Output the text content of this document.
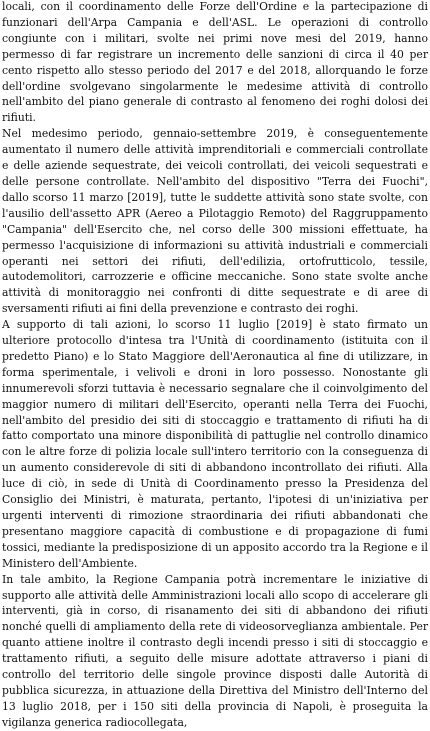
locali, con il coordinamento delle Forze dell'Ordine e la partecipazione di funzionari dell'Arpa Campania e dell'ASL. Le operazioni di controllo congiunte con i militari, svolte nei primi nove mesi del 2019, hanno permesso di far registrare un incremento delle sanzioni di circa il 40 per cento rispetto allo stesso periodo del 2017 e del 2018, allorquando le forze dell'ordine svolgevano singolarmente le medesime attività di controllo nell'ambito del piano generale di contrasto al fenomeno dei roghi dolosi dei rifiuti.

Nel medesimo periodo, gennaio-settembre 2019, è conseguentemente aumentato il numero delle attività imprenditoriali e commerciali controllate e delle aziende sequestrate, dei veicoli controllati, dei veicoli sequestrati e delle persone controllate. Nell'ambito del dispositivo "Terra dei Fuochi", dallo scorso 11 marzo [2019], tutte le suddette attività sono state svolte, con l'ausilio dell'assetto APR (Aereo a Pilotaggio Remoto) del Raggruppamento "Campania" dell'Esercito che, nel corso delle 300 missioni effettuate, ha permesso l'acquisizione di informazioni su attività industriali e commerciali operanti nei settori dei rifiuti, dell'edilizia, ortofrutticolo, tessile, autodemolitori, carrozzerie e officine meccaniche. Sono state svolte anche attività di monitoraggio nei confronti di ditte sequestrate e di aree di sversamenti rifiuti ai fini della prevenzione e contrasto dei roghi.

A supporto di tali azioni, lo scorso 11 luglio [2019] è stato firmato un ulteriore protocollo d'intesa tra l'Unità di coordinamento (istituita con il predetto Piano) e lo Stato Maggiore dell'Aeronautica al fine di utilizzare, in forma sperimentale, i velivoli e droni in loro possesso. Nonostante gli innumerevoli sforzi tuttavia è necessario segnalare che il coinvolgimento del maggior numero di militari dell'Esercito, operanti nella Terra dei Fuochi, nell'ambito del presidio dei siti di stoccaggio e trattamento di rifiuti ha di fatto comportato una minore disponibilità di pattuglie nel controllo dinamico con le altre forze di polizia locale sull'intero territorio con la conseguenza di un aumento considerevole di siti di abbandono incontrollato dei rifiuti. Alla luce di ciò, in sede di Unità di Coordinamento presso la Presidenza del Consiglio dei Ministri, è maturata, pertanto, l'ipotesi di un'iniziativa per urgenti interventi di rimozione straordinaria dei rifiuti abbandonati che presentano maggiore capacità di combustione e di propagazione di fumi tossici, mediante la predisposizione di un apposito accordo tra la Regione e il Ministero dell'Ambiente.

In tale ambito, la Regione Campania potrà incrementare le iniziative di supporto alle attività delle Amministrazioni locali allo scopo di accelerare gli interventi, già in corso, di risanamento dei siti di abbandono dei rifiuti nonché quelli di ampliamento della rete di videosorveglianza ambientale. Per quanto attiene inoltre il contrasto degli incendi presso i siti di stoccaggio e trattamento rifiuti, a seguito delle misure adottate attraverso i piani di controllo del territorio delle singole province disposti dalle Autorità di pubblica sicurezza, in attuazione della Direttiva del Ministro dell'Interno del 13 luglio 2018, per i 150 siti della provincia di Napoli, è proseguita la vigilanza generica radiocollegata,
